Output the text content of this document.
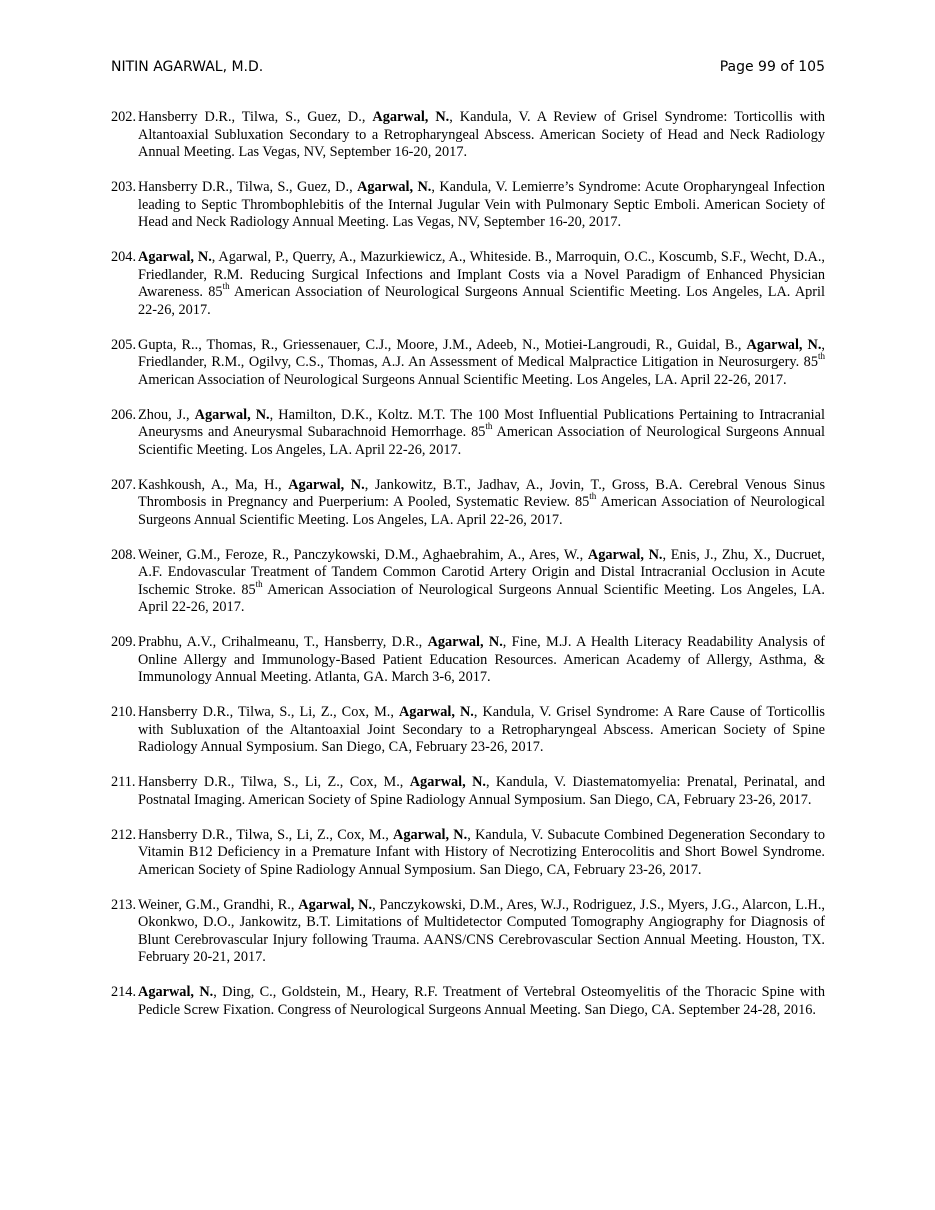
NITIN AGARWAL, M.D.	Page 99 of 105
202. Hansberry D.R., Tilwa, S., Guez, D., Agarwal, N., Kandula, V. A Review of Grisel Syndrome: Torticollis with Altantoaxial Subluxation Secondary to a Retropharyngeal Abscess. American Society of Head and Neck Radiology Annual Meeting. Las Vegas, NV, September 16-20, 2017.
203. Hansberry D.R., Tilwa, S., Guez, D., Agarwal, N., Kandula, V. Lemierre’s Syndrome: Acute Oropharyngeal Infection leading to Septic Thrombophlebitis of the Internal Jugular Vein with Pulmonary Septic Emboli. American Society of Head and Neck Radiology Annual Meeting. Las Vegas, NV, September 16-20, 2017.
204. Agarwal, N., Agarwal, P., Querry, A., Mazurkiewicz, A., Whiteside. B., Marroquin, O.C., Koscumb, S.F., Wecht, D.A., Friedlander, R.M. Reducing Surgical Infections and Implant Costs via a Novel Paradigm of Enhanced Physician Awareness. 85th American Association of Neurological Surgeons Annual Scientific Meeting. Los Angeles, LA. April 22-26, 2017.
205. Gupta, R.., Thomas, R., Griessenauer, C.J., Moore, J.M., Adeeb, N., Motiei-Langroudi, R., Guidal, B., Agarwal, N., Friedlander, R.M., Ogilvy, C.S., Thomas, A.J. An Assessment of Medical Malpractice Litigation in Neurosurgery. 85th American Association of Neurological Surgeons Annual Scientific Meeting. Los Angeles, LA. April 22-26, 2017.
206. Zhou, J., Agarwal, N., Hamilton, D.K., Koltz. M.T. The 100 Most Influential Publications Pertaining to Intracranial Aneurysms and Aneurysmal Subarachnoid Hemorrhage. 85th American Association of Neurological Surgeons Annual Scientific Meeting. Los Angeles, LA. April 22-26, 2017.
207. Kashkoush, A., Ma, H., Agarwal, N., Jankowitz, B.T., Jadhav, A., Jovin, T., Gross, B.A. Cerebral Venous Sinus Thrombosis in Pregnancy and Puerperium: A Pooled, Systematic Review. 85th American Association of Neurological Surgeons Annual Scientific Meeting. Los Angeles, LA. April 22-26, 2017.
208. Weiner, G.M., Feroze, R., Panczykowski, D.M., Aghaebrahim, A., Ares, W., Agarwal, N., Enis, J., Zhu, X., Ducruet, A.F. Endovascular Treatment of Tandem Common Carotid Artery Origin and Distal Intracranial Occlusion in Acute Ischemic Stroke. 85th American Association of Neurological Surgeons Annual Scientific Meeting. Los Angeles, LA. April 22-26, 2017.
209. Prabhu, A.V., Crihalmeanu, T., Hansberry, D.R., Agarwal, N., Fine, M.J. A Health Literacy Readability Analysis of Online Allergy and Immunology-Based Patient Education Resources. American Academy of Allergy, Asthma, & Immunology Annual Meeting. Atlanta, GA. March 3-6, 2017.
210. Hansberry D.R., Tilwa, S., Li, Z., Cox, M., Agarwal, N., Kandula, V. Grisel Syndrome: A Rare Cause of Torticollis with Subluxation of the Altantoaxial Joint Secondary to a Retropharyngeal Abscess. American Society of Spine Radiology Annual Symposium. San Diego, CA, February 23-26, 2017.
211. Hansberry D.R., Tilwa, S., Li, Z., Cox, M., Agarwal, N., Kandula, V. Diastematomyelia: Prenatal, Perinatal, and Postnatal Imaging. American Society of Spine Radiology Annual Symposium. San Diego, CA, February 23-26, 2017.
212. Hansberry D.R., Tilwa, S., Li, Z., Cox, M., Agarwal, N., Kandula, V. Subacute Combined Degeneration Secondary to Vitamin B12 Deficiency in a Premature Infant with History of Necrotizing Enterocolitis and Short Bowel Syndrome. American Society of Spine Radiology Annual Symposium. San Diego, CA, February 23-26, 2017.
213. Weiner, G.M., Grandhi, R., Agarwal, N., Panczykowski, D.M., Ares, W.J., Rodriguez, J.S., Myers, J.G., Alarcon, L.H., Okonkwo, D.O., Jankowitz, B.T. Limitations of Multidetector Computed Tomography Angiography for Diagnosis of Blunt Cerebrovascular Injury following Trauma. AANS/CNS Cerebrovascular Section Annual Meeting. Houston, TX. February 20-21, 2017.
214. Agarwal, N., Ding, C., Goldstein, M., Heary, R.F. Treatment of Vertebral Osteomyelitis of the Thoracic Spine with Pedicle Screw Fixation. Congress of Neurological Surgeons Annual Meeting. San Diego, CA. September 24-28, 2016.
